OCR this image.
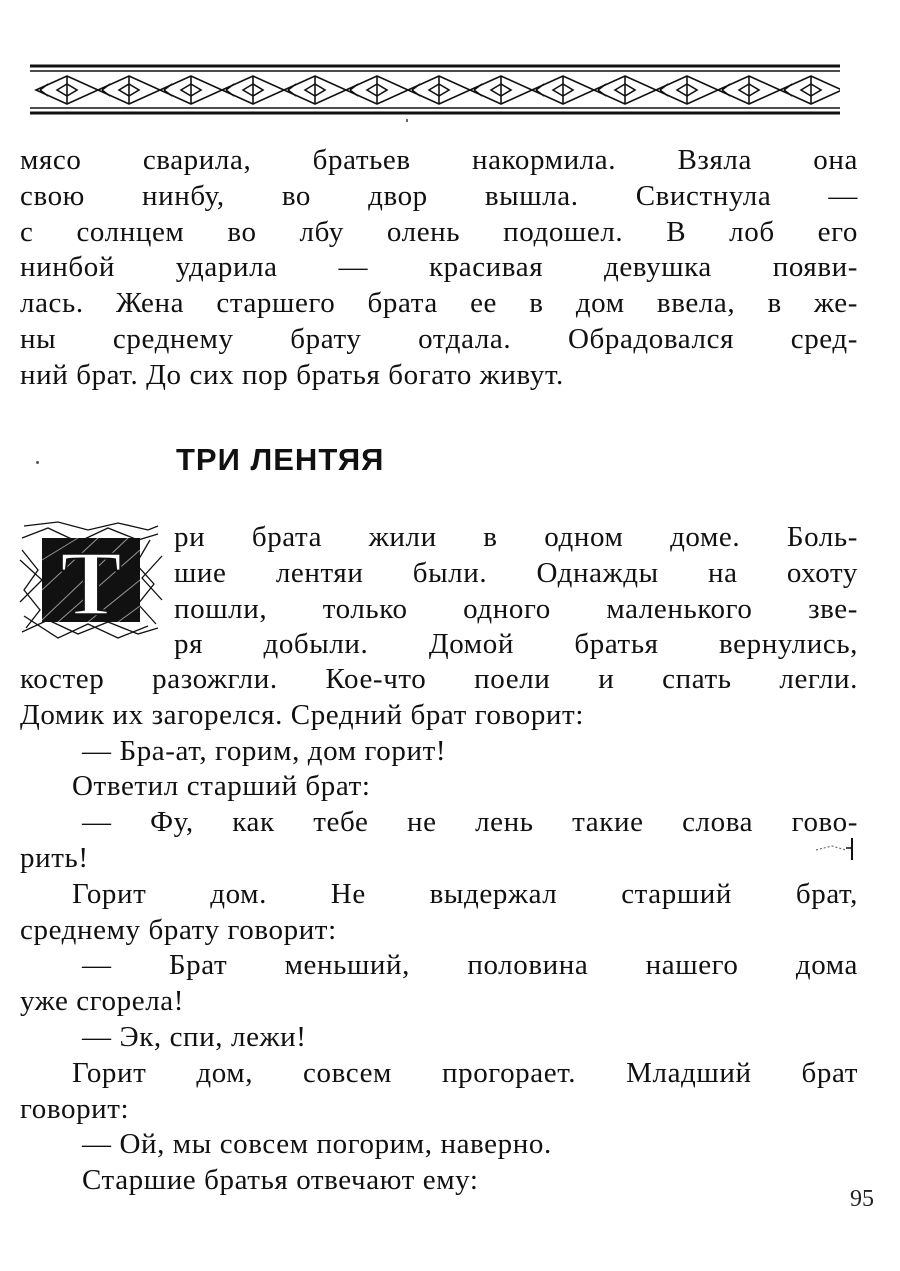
мясо сварила, братьев накормила. Взяла она
свою нинбу, во двор вышла. Свистнула —
с солнцем во лбу олень подошел. В лоб его
нинбой ударила — красивая девушка появи-
лась. Жена старшего брата ее в дом ввела, в же-
ны среднему брату отдала. Обрадовался сред-
ний брат. До сих пор братья богато живут.
ТРИ ЛЕНТЯЯ
Т ри брата жили в одном доме. Боль-
шие лентяи были. Однажды на охоту
пошли, только одного маленького зве-
ря добыли. Домой братья вернулись,
костер разожгли. Кое-что поели и спать легли.
Домик их загорелся. Средний брат говорит:
— Бра-ат, горим, дом горит!
Ответил старший брат:
— Фу, как тебе не лень такие слова гово-
рить!
Горит дом. Не выдержал старший брат,
среднему брату говорит:
— Брат меньший, половина нашего дома
уже сгорела!
— Эк, спи, лежи!
Горит дом, совсем прогорает. Младший брат
говорит:
— Ой, мы совсем погорим, наверно.
Старшие братья отвечают ему:

95
